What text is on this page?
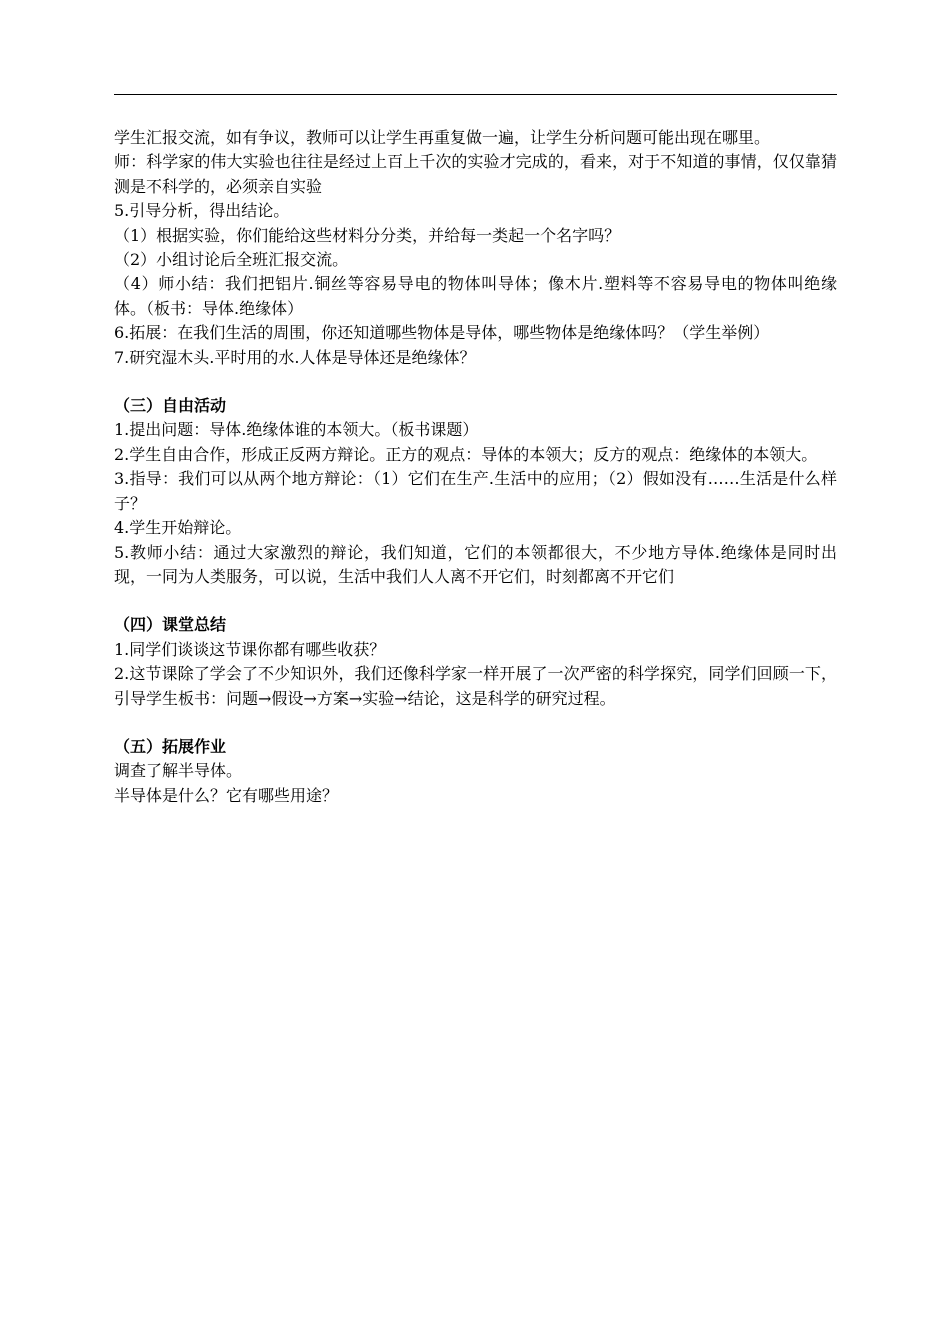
学生汇报交流，如有争议，教师可以让学生再重复做一遍，让学生分析问题可能出现在哪里。

师：科学家的伟大实验也往往是经过上百上千次的实验才完成的，看来，对于不知道的事情，仅仅靠猜测是不科学的，必须亲自实验

5.引导分析，得出结论。

（1）根据实验，你们能给这些材料分分类，并给每一类起一个名字吗？

（2）小组讨论后全班汇报交流。

（4）师小结：我们把铝片.铜丝等容易导电的物体叫导体；像木片.塑料等不容易导电的物体叫绝缘体。（板书：导体.绝缘体）

6.拓展：在我们生活的周围，你还知道哪些物体是导体，哪些物体是绝缘体吗？（学生举例）

7.研究湿木头.平时用的水.人体是导体还是绝缘体？

（三）自由活动

1.提出问题：导体.绝缘体谁的本领大。（板书课题）

2.学生自由合作，形成正反两方辩论。正方的观点：导体的本领大；反方的观点：绝缘体的本领大。

3.指导：我们可以从两个地方辩论：（1）它们在生产.生活中的应用；（2）假如没有……生活是什么样子？

4.学生开始辩论。

5.教师小结：通过大家激烈的辩论，我们知道，它们的本领都很大，不少地方导体.绝缘体是同时出现，一同为人类服务，可以说，生活中我们人人离不开它们，时刻都离不开它们

（四）课堂总结

1.同学们谈谈这节课你都有哪些收获？

2.这节课除了学会了不少知识外，我们还像科学家一样开展了一次严密的科学探究，同学们回顾一下，引导学生板书：问题→假设→方案→实验→结论，这是科学的研究过程。

（五）拓展作业

调查了解半导体。

半导体是什么？它有哪些用途？
